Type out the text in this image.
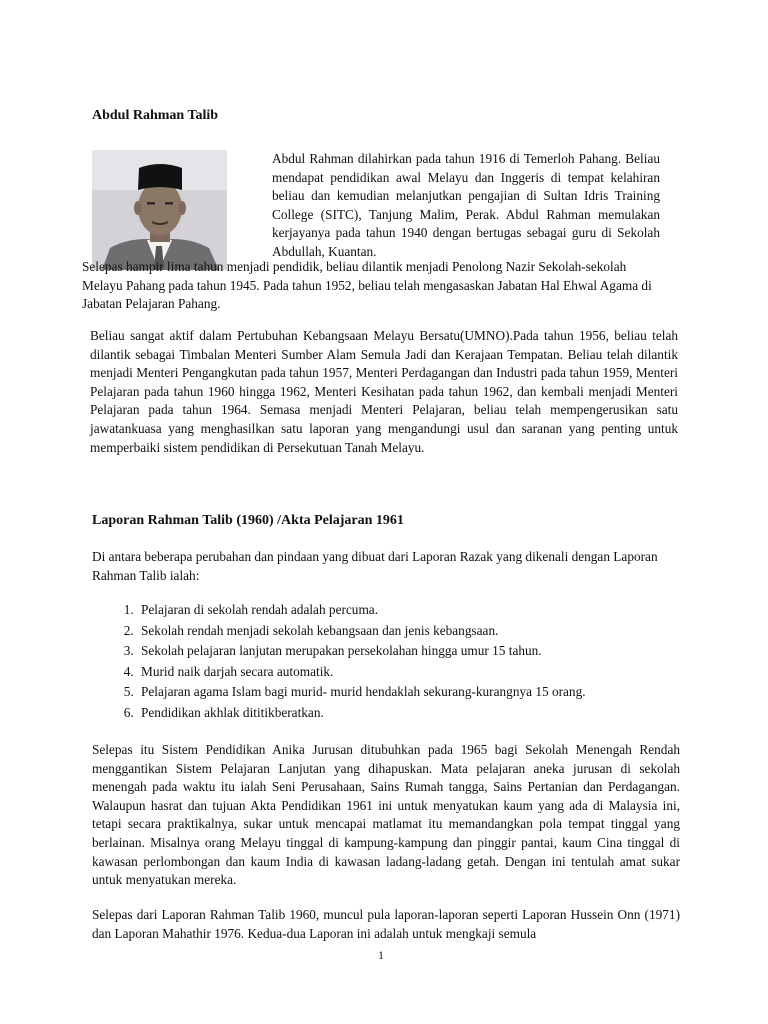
Abdul Rahman Talib
Abdul Rahman dilahirkan pada tahun 1916 di Temerloh Pahang. Beliau mendapat pendidikan awal Melayu dan Inggeris di tempat kelahiran beliau dan kemudian melanjutkan pengajian di Sultan Idris Training College (SITC), Tanjung Malim, Perak. Abdul Rahman memulakan kerjayanya pada tahun 1940 dengan bertugas sebagai guru di Sekolah Abdullah, Kuantan.
Selepas hampir lima tahun menjadi pendidik, beliau dilantik menjadi Penolong Nazir Sekolah-sekolah Melayu Pahang pada tahun 1945. Pada tahun 1952, beliau telah mengasaskan Jabatan Hal Ehwal Agama di Jabatan Pelajaran Pahang.
Beliau sangat aktif dalam Pertubuhan Kebangsaan Melayu Bersatu(UMNO).Pada tahun 1956, beliau telah dilantik sebagai Timbalan Menteri Sumber Alam Semula Jadi dan Kerajaan Tempatan. Beliau telah dilantik menjadi Menteri Pengangkutan pada tahun 1957, Menteri Perdagangan dan Industri pada tahun 1959, Menteri Pelajaran pada tahun 1960 hingga 1962, Menteri Kesihatan pada tahun 1962, dan kembali menjadi Menteri Pelajaran pada tahun 1964. Semasa menjadi Menteri Pelajaran, beliau telah mempengerusikan satu jawatankuasa yang menghasilkan satu laporan yang mengandungi usul dan saranan yang penting untuk memperbaiki sistem pendidikan di Persekutuan Tanah Melayu.
Laporan Rahman Talib (1960) /Akta Pelajaran 1961
Di antara beberapa perubahan dan pindaan yang dibuat dari Laporan Razak yang dikenali dengan Laporan Rahman Talib ialah:
1. Pelajaran di sekolah rendah adalah percuma.
2. Sekolah rendah menjadi sekolah kebangsaan dan jenis kebangsaan.
3. Sekolah pelajaran lanjutan merupakan persekolahan hingga umur 15 tahun.
4. Murid naik darjah secara automatik.
5. Pelajaran agama Islam bagi murid- murid hendaklah sekurang-kurangnya 15 orang.
6. Pendidikan akhlak dititikberatkan.
Selepas itu Sistem Pendidikan Anika Jurusan ditubuhkan pada 1965 bagi Sekolah Menengah Rendah menggantikan Sistem Pelajaran Lanjutan yang dihapuskan. Mata pelajaran aneka jurusan di sekolah menengah pada waktu itu ialah Seni Perusahaan, Sains Rumah tangga, Sains Pertanian dan Perdagangan. Walaupun hasrat dan tujuan Akta Pendidikan 1961 ini untuk menyatukan kaum yang ada di Malaysia ini, tetapi secara praktikalnya, sukar untuk mencapai matlamat itu memandangkan pola tempat tinggal yang berlainan. Misalnya orang Melayu tinggal di kampung-kampung dan pinggir pantai, kaum Cina tinggal di kawasan perlombongan dan kaum India di kawasan ladang-ladang getah. Dengan ini tentulah amat sukar untuk menyatukan mereka.
Selepas dari Laporan Rahman Talib 1960, muncul pula laporan-laporan seperti Laporan Hussein Onn (1971) dan Laporan Mahathir 1976. Kedua-dua Laporan ini adalah untuk mengkaji semula
1
